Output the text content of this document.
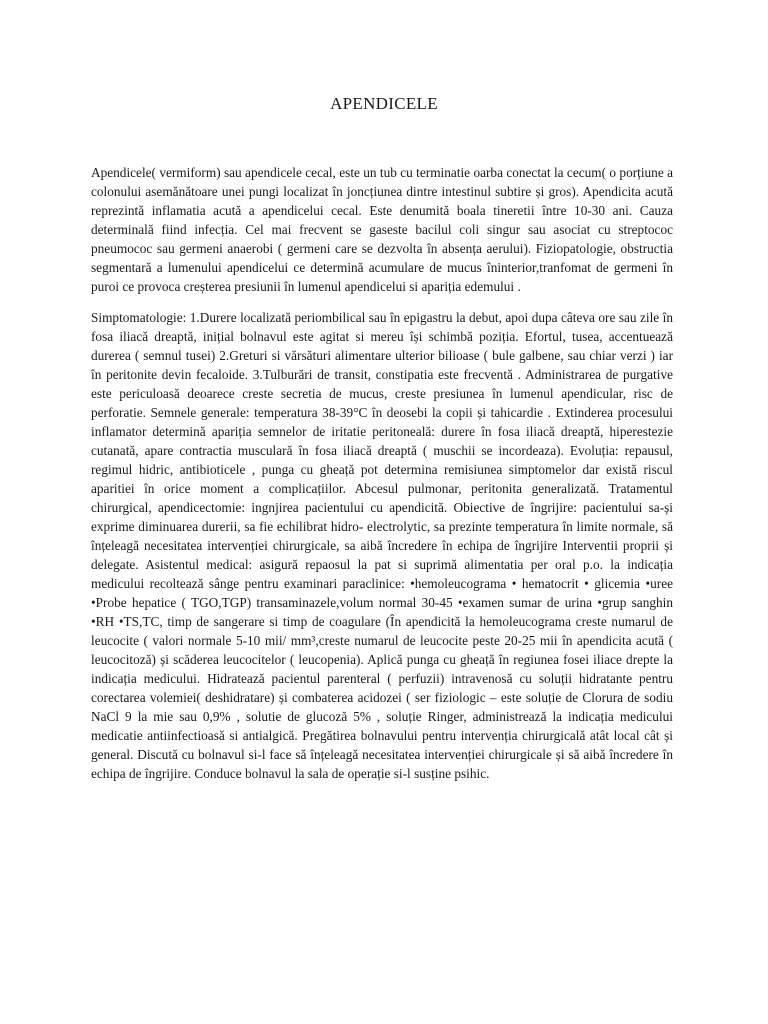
APENDICELE

Apendicele( vermiform) sau apendicele cecal, este un tub cu terminatie oarba conectat la cecum( o porțiune a colonului asemănătoare unei pungi localizat în joncțiunea dintre intestinul subtire și gros). Apendicita acută reprezintă inflamatia acută a apendicelui cecal. Este denumită boala tineretii între 10-30 ani. Cauza determinală fiind infecția. Cel mai frecvent se gaseste bacilul coli singur sau asociat cu streptococ pneumococ sau germeni anaerobi ( germeni care se dezvolta în absența aerului). Fiziopatologie, obstructia segmentară a lumenului apendicelui ce determină acumulare de mucus îninterior,tranfomat de germeni în puroi ce provoca creșterea presiunii în lumenul apendicelui si apariția edemului .

Simptomatologie: 1.Durere localizată periombilical sau în epigastru la debut, apoi dupa câteva ore sau zile în fosa iliacă dreaptă, inițial bolnavul este agitat si mereu își schimbă poziția. Efortul, tusea, accentuează durerea ( semnul tusei) 2.Greturi si vărsături alimentare ulterior bilioase ( bule galbene, sau chiar verzi ) iar în peritonite devin fecaloide. 3.Tulburări de transit, constipatia este frecventă . Administrarea de purgative este periculoasă deoarece creste secretia de mucus, creste presiunea în lumenul apendicular, risc de perforatie. Semnele generale: temperatura 38-39°C în deosebi la copii și tahicardie . Extinderea procesului inflamator determină apariția semnelor de iritatie peritoneală: durere în fosa iliacă dreaptă, hiperestezie cutanată, apare contractia musculară în fosa iliacă dreaptă ( muschii se incordeaza). Evoluția: repausul, regimul hidric, antibioticele , punga cu gheață pot determina remisiunea simptomelor dar există riscul aparitiei în orice moment a complicațiilor. Abcesul pulmonar, peritonita generalizată. Tratamentul chirurgical, apendicectomie: ingnjirea pacientului cu apendicită. Obiective de îngrijire: pacientului sa-și exprime diminuarea durerii, sa fie echilibrat hidro- electrolytic, sa prezinte temperatura în limite normale, să înțeleagă necesitatea intervenției chirurgicale, sa aibă încredere în echipa de îngrijire Interventii proprii și delegate. Asistentul medical: asigură repaosul la pat si suprimă alimentatia per oral p.o. la indicația medicului recoltează sânge pentru examinari paraclinice: •hemoleucograma • hematocrit • glicemia •uree •Probe hepatice ( TGO,TGP) transaminazele,volum normal 30-45 •examen sumar de urina •grup sanghin •RH •TS,TC, timp de sangerare si timp de coagulare (În apendicită la hemoleucograma creste numarul de leucocite ( valori normale 5-10 mii/ mm³,creste numarul de leucocite peste 20-25 mii în apendicita acută ( leucocitoză) și scăderea leucocitelor ( leucopenia). Aplică punga cu gheață în regiunea fosei iliace drepte la indicația medicului. Hidratează pacientul parenteral ( perfuzii) intravenosă cu soluții hidratante pentru corectarea volemiei( deshidratare) și combaterea acidozei ( ser fiziologic – este soluție de Clorura de sodiu NaCl 9 la mie sau 0,9% , solutie de glucoză 5% , soluție Ringer, administrează la indicația medicului medicatie antiinfectioasă si antialgică. Pregătirea bolnavului pentru intervenția chirurgicală atât local cât și general. Discută cu bolnavul si-l face să înțeleagă necesitatea intervenției chirurgicale și să aibă încredere în echipa de îngrijire. Conduce bolnavul la sala de operație si-l susține psihic.
